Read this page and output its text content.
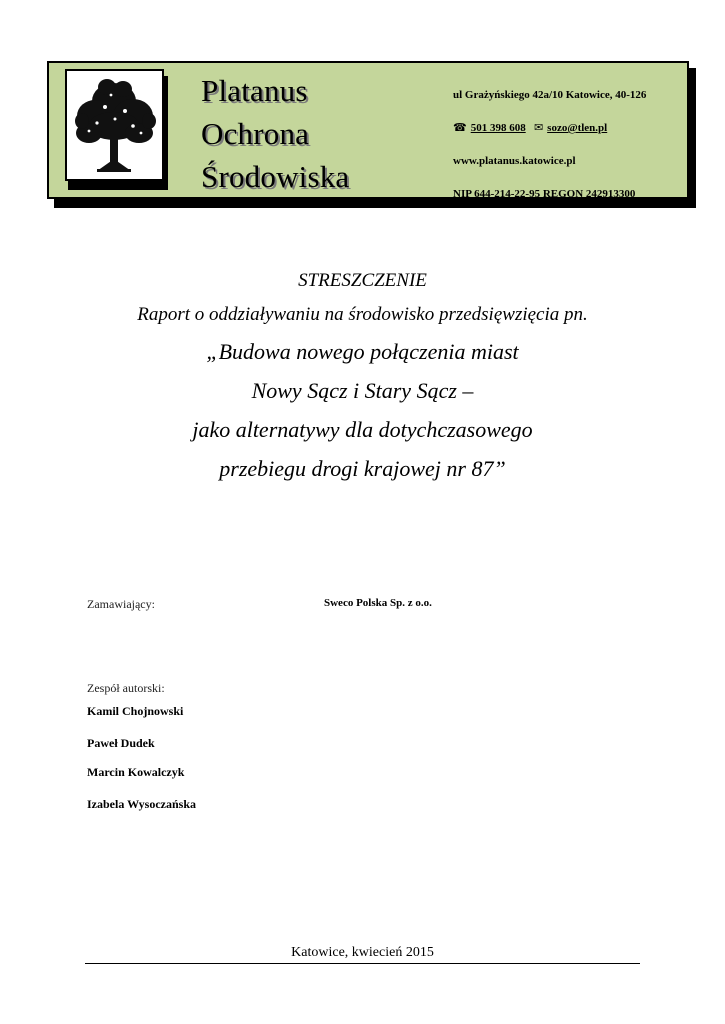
Platanus
Ochrona
Środowiska
ul Grażyńskiego 42a/10 Katowice, 40-126
☎ 501 398 608 ✉ sozo@tlen.pl
www.platanus.katowice.pl
NIP 644-214-22-95 REGON 242913300
STRESZCZENIE
Raport o oddziaływaniu na środowisko przedsięwzięcia pn.
„Budowa nowego połączenia miast
Nowy Sącz i Stary Sącz –
jako alternatywy dla dotychczasowego
przebiegu drogi krajowej nr 87”
Zamawiający:	Sweco Polska Sp. z o.o.
Zespół autorski:
Kamil Chojnowski
Paweł Dudek
Marcin Kowalczyk
Izabela Wysoczańska
Katowice, kwiecień 2015
